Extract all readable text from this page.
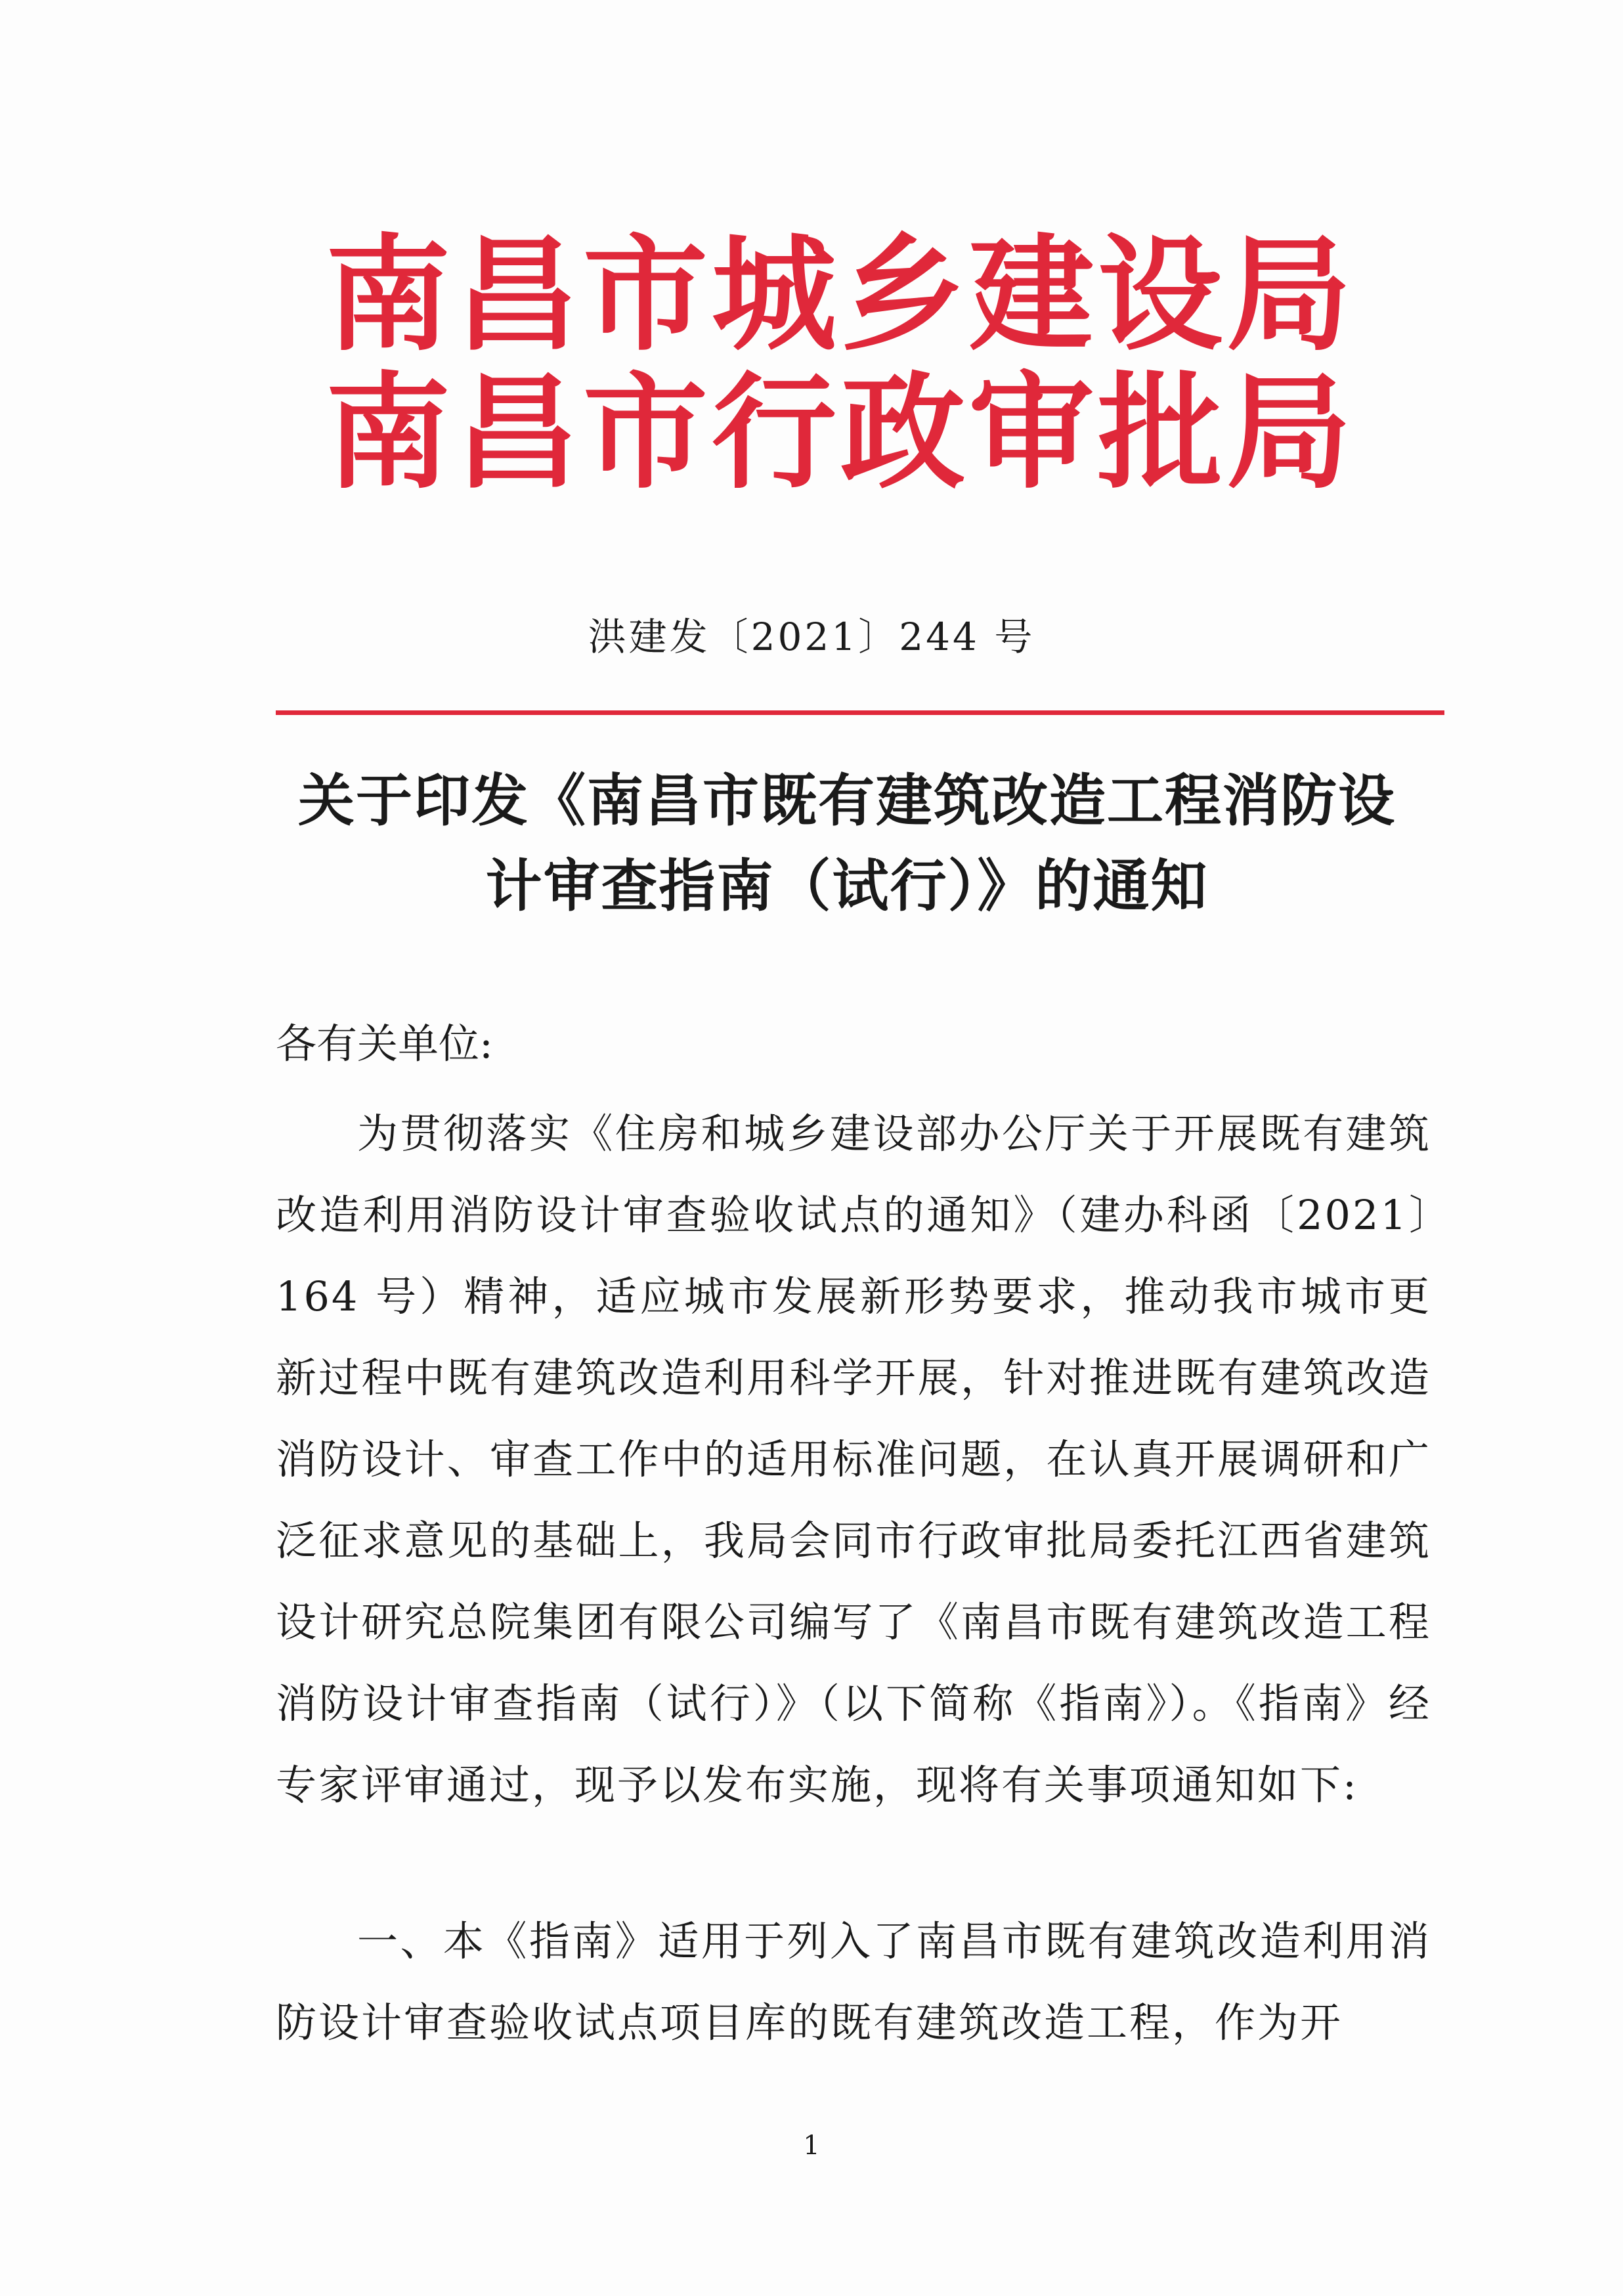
南昌市城乡建设局
南昌市行政审批局
洪建发〔2021〕244 号
关于印发《南昌市既有建筑改造工程消防设
计审查指南（试行）》的通知
各有关单位:
为贯彻落实《住房和城乡建设部办公厅关于开展既有建筑改造利用消防设计审查验收试点的通知》（建办科函〔2021〕164 号）精神，适应城市发展新形势要求，推动我市城市更新过程中既有建筑改造利用科学开展，针对推进既有建筑改造消防设计、审查工作中的适用标准问题，在认真开展调研和广泛征求意见的基础上，我局会同市行政审批局委托江西省建筑设计研究总院集团有限公司编写了《南昌市既有建筑改造工程消防设计审查指南（试行）》（以下简称《指南》）。《指南》经专家评审通过，现予以发布实施，现将有关事项通知如下:
一、本《指南》适用于列入了南昌市既有建筑改造利用消防设计审查验收试点项目库的既有建筑改造工程，作为开
1
